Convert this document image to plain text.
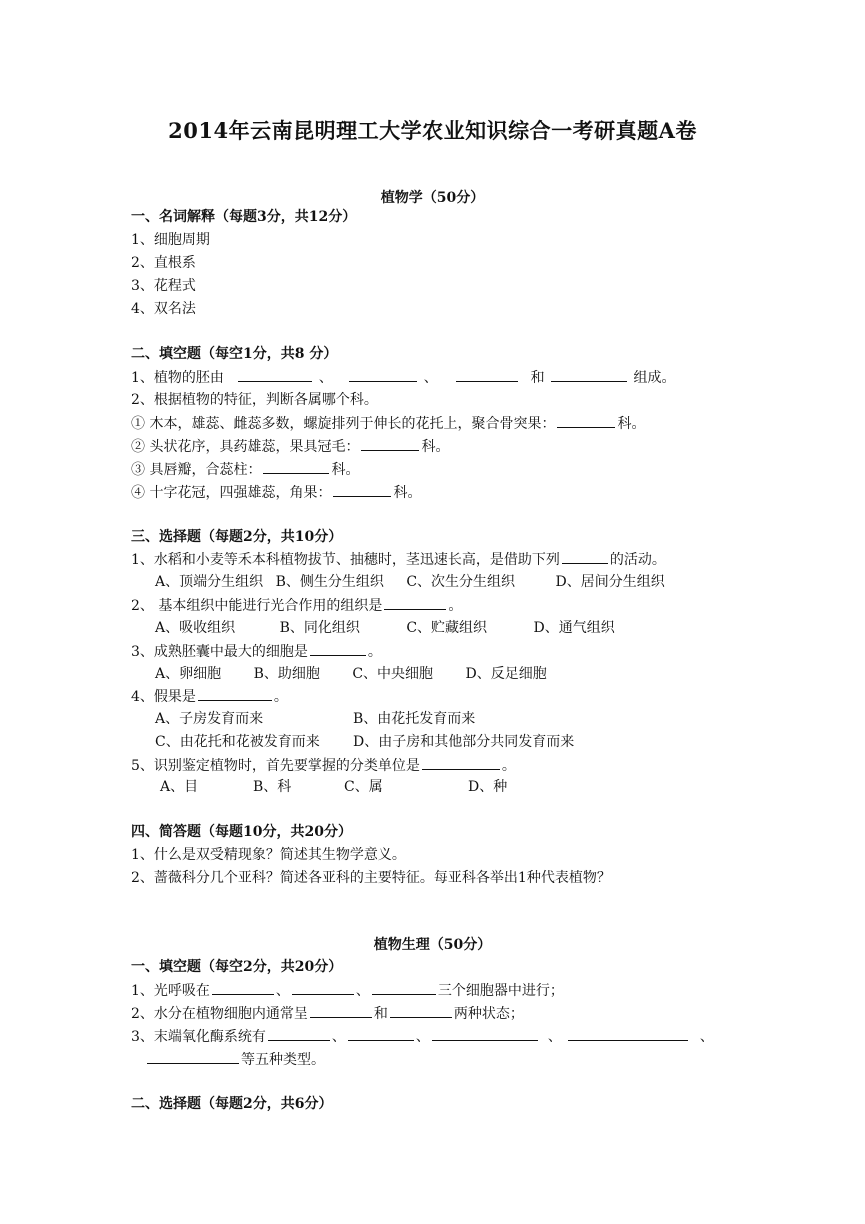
2014年云南昆明理工大学农业知识综合一考研真题A卷
植物学（50分）
一、名词解释（每题3分，共12分）
1、细胞周期
2、直根系
3、花程式
4、双名法
二、填空题（每空1分，共8 分）
1、植物的胚由	、	、	和	组成。
2、根据植物的特征，判断各属哪个科。
① 木本，雄蕊、雌蕊多数，螺旋排列于伸长的花托上，聚合骨突果：	科。
② 头状花序，具药雄蕊，果具冠毛：	科。
③ 具唇瓣，合蕊柱：	科。
④ 十字花冠，四强雄蕊，角果：	科。
三、选择题（每题2分，共10分）
1、水稻和小麦等禾本科植物拔节、抽穗时，茎迅速长高，是借助下列	的活动。
A、顶端分生组织 B、侧生分生组织 C、次生分生组织	D、居间分生组织
2、 基本组织中能进行光合作用的组织是	。
A、吸收组织	B、同化组织	C、贮藏组织	D、通气组织
3、成熟胚囊中最大的细胞是	。
A、卵细胞 B、助细胞 C、中央细胞 D、反足细胞
4、假果是	。
A、子房发育而来	B、由花托发育而来
C、由花托和花被发育而来 D、由子房和其他部分共同发育而来
5、识别鉴定植物时，首先要掌握的分类单位是	。
A、目	B、科	C、属	D、种
四、简答题（每题10分，共20分）
1、什么是双受精现象？简述其生物学意义。
2、蔷薇科分几个亚科？简述各亚科的主要特征。每亚科各举出1种代表植物？
植物生理（50分）
一、填空题（每空2分，共20分）
1、光呼吸在	、	、	三个细胞器中进行；
2、水分在植物细胞内通常呈	和	两种状态；
3、末端氧化酶系统有	、	、	、	、
等五种类型。
二、选择题（每题2分，共6分）
